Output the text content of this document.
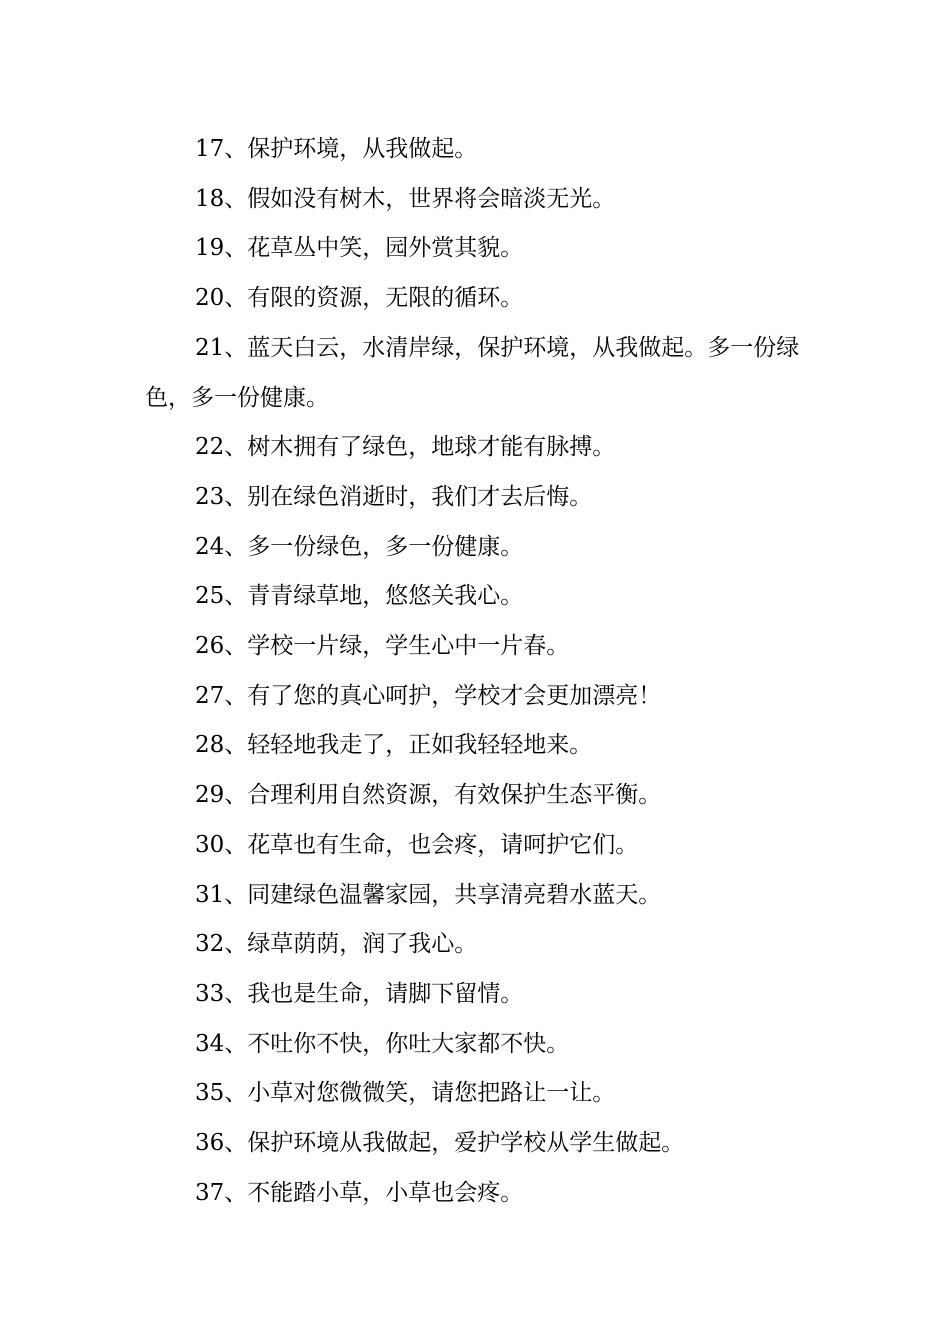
17、保护环境，从我做起。

18、假如没有树木，世界将会暗淡无光。

19、花草丛中笑，园外赏其貌。

20、有限的资源，无限的循环。

21、蓝天白云，水清岸绿，保护环境，从我做起。多一份绿色，多一份健康。

22、树木拥有了绿色，地球才能有脉搏。

23、别在绿色消逝时，我们才去后悔。

24、多一份绿色，多一份健康。

25、青青绿草地，悠悠关我心。

26、学校一片绿，学生心中一片春。

27、有了您的真心呵护，学校才会更加漂亮！

28、轻轻地我走了，正如我轻轻地来。

29、合理利用自然资源，有效保护生态平衡。

30、花草也有生命，也会疼，请呵护它们。

31、同建绿色温馨家园，共享清亮碧水蓝天。

32、绿草荫荫，润了我心。

33、我也是生命，请脚下留情。

34、不吐你不快，你吐大家都不快。

35、小草对您微微笑，请您把路让一让。

36、保护环境从我做起，爱护学校从学生做起。

37、不能踏小草，小草也会疼。
